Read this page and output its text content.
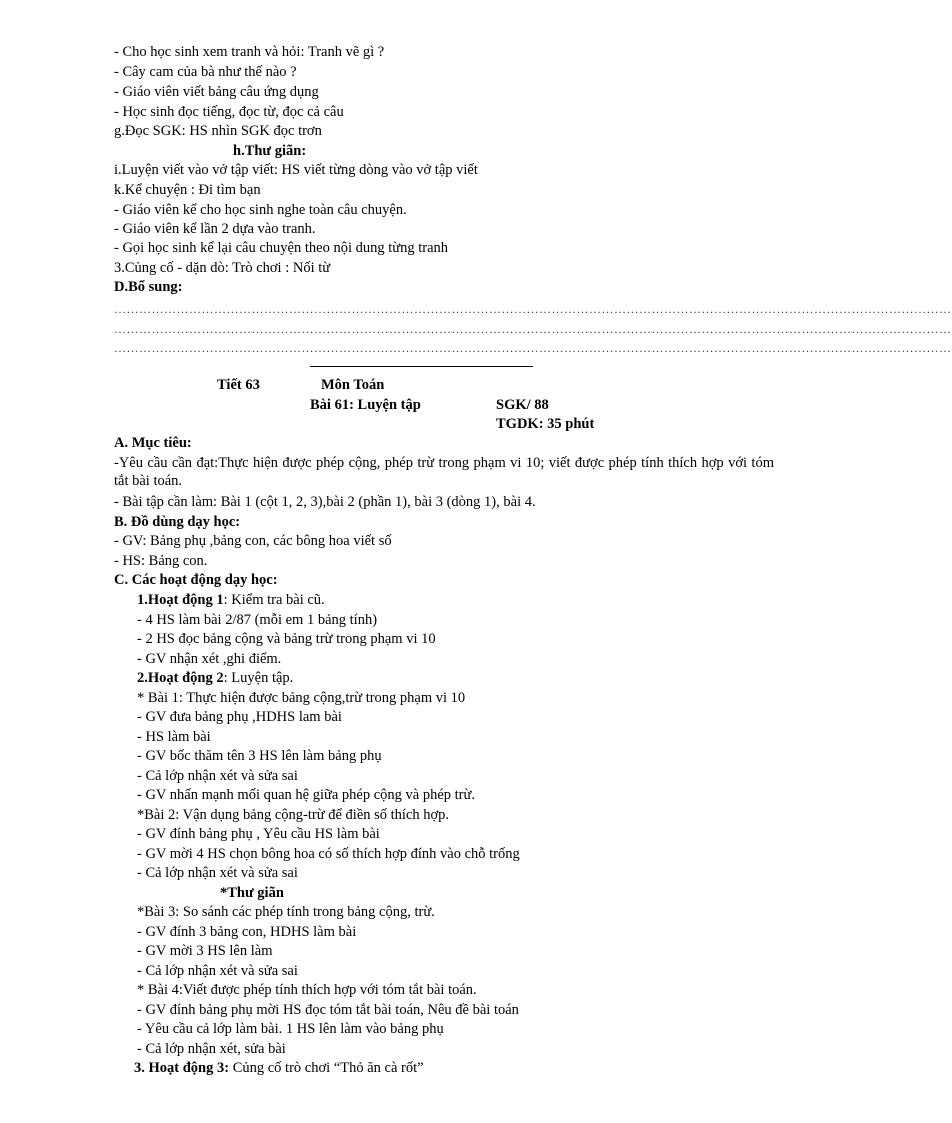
- Cho học sinh xem tranh và hỏi: Tranh vẽ gì ?
- Cây cam của bà như thế nào ?
- Giáo viên viết bảng câu ứng dụng
- Học sinh đọc tiếng, đọc từ, đọc cả câu
g.Đọc SGK: HS nhìn SGK đọc trơn
h.Thư giãn:
i.Luyện viết vào vở tập viết: HS viết từng dòng vào vở tập viết
k.Kể chuyện : Đi tìm bạn
- Giáo viên kể cho học sinh nghe toàn câu chuyện.
- Giáo viên kể lần 2 dựa vào tranh.
- Gọi học sinh kể lại câu chuyện theo nội dung từng tranh
3.Củng cố - dặn dò: Trò chơi : Nối từ
D.Bổ sung:
…………………………………………………………………………………………………………………………………………………………………………………
…………………………………………………………………………………………………………………………………………………………………………………
…………………………………………………………………………………………………………………………………………………………………………………
Tiết 63	Môn Toán
Bài 61: Luyện tập	SGK/ 88
TGDK: 35 phút
A. Mục tiêu:
-Yêu cầu cần đạt:Thực hiện được phép cộng, phép trừ trong phạm vi 10; viết được phép tính thích hợp với tóm tắt bài toán.
- Bài tập cần làm: Bài 1 (cột 1, 2, 3),bài 2 (phần 1), bài 3 (dòng 1), bài 4.
B. Đồ dùng dạy học:
- GV: Bảng phụ ,bảng con, các bông hoa viết số
- HS: Bảng con.
C. Các hoạt động dạy học:
1.Hoạt động 1: Kiểm tra bài cũ.
- 4 HS làm bài 2/87 (mỗi em 1 bảng tính)
- 2 HS đọc bảng cộng và bảng trừ trong phạm vi 10
- GV nhận xét ,ghi điểm.
2.Hoạt động 2: Luyện tập.
* Bài 1: Thực hiện được bảng cộng,trừ trong phạm vi 10
- GV đưa bảng phụ ,HDHS lam bài
- HS làm bài
- GV bốc thăm tên 3 HS lên làm bảng phụ
- Cả lớp nhận xét và sửa sai
- GV nhấn mạnh mối quan hệ giữa phép cộng và phép trừ.
*Bài 2: Vận dụng bảng cộng-trừ để điền số thích hợp.
- GV đính bảng phụ , Yêu cầu HS làm bài
- GV mời 4 HS chọn bông hoa có số thích hợp đính vào chỗ trống
- Cả lớp nhận xét và sửa sai
*Thư giãn
*Bài 3: So sánh các phép tính trong bảng cộng, trừ.
- GV đính 3 bảng con, HDHS làm bài
- GV mời 3 HS lên làm
- Cả lớp nhận xét và sửa sai
* Bài 4:Viết được phép tính thích hợp với tóm tắt bài toán.
- GV đính bảng phụ mời HS đọc tóm tắt bài toán, Nêu đề bài toán
- Yêu cầu cả lớp làm bài. 1 HS lên làm vào bảng phụ
- Cả lớp nhận xét, sửa bài
3. Hoạt động 3: Củng cố trò chơi “Thỏ ăn cà rốt”
